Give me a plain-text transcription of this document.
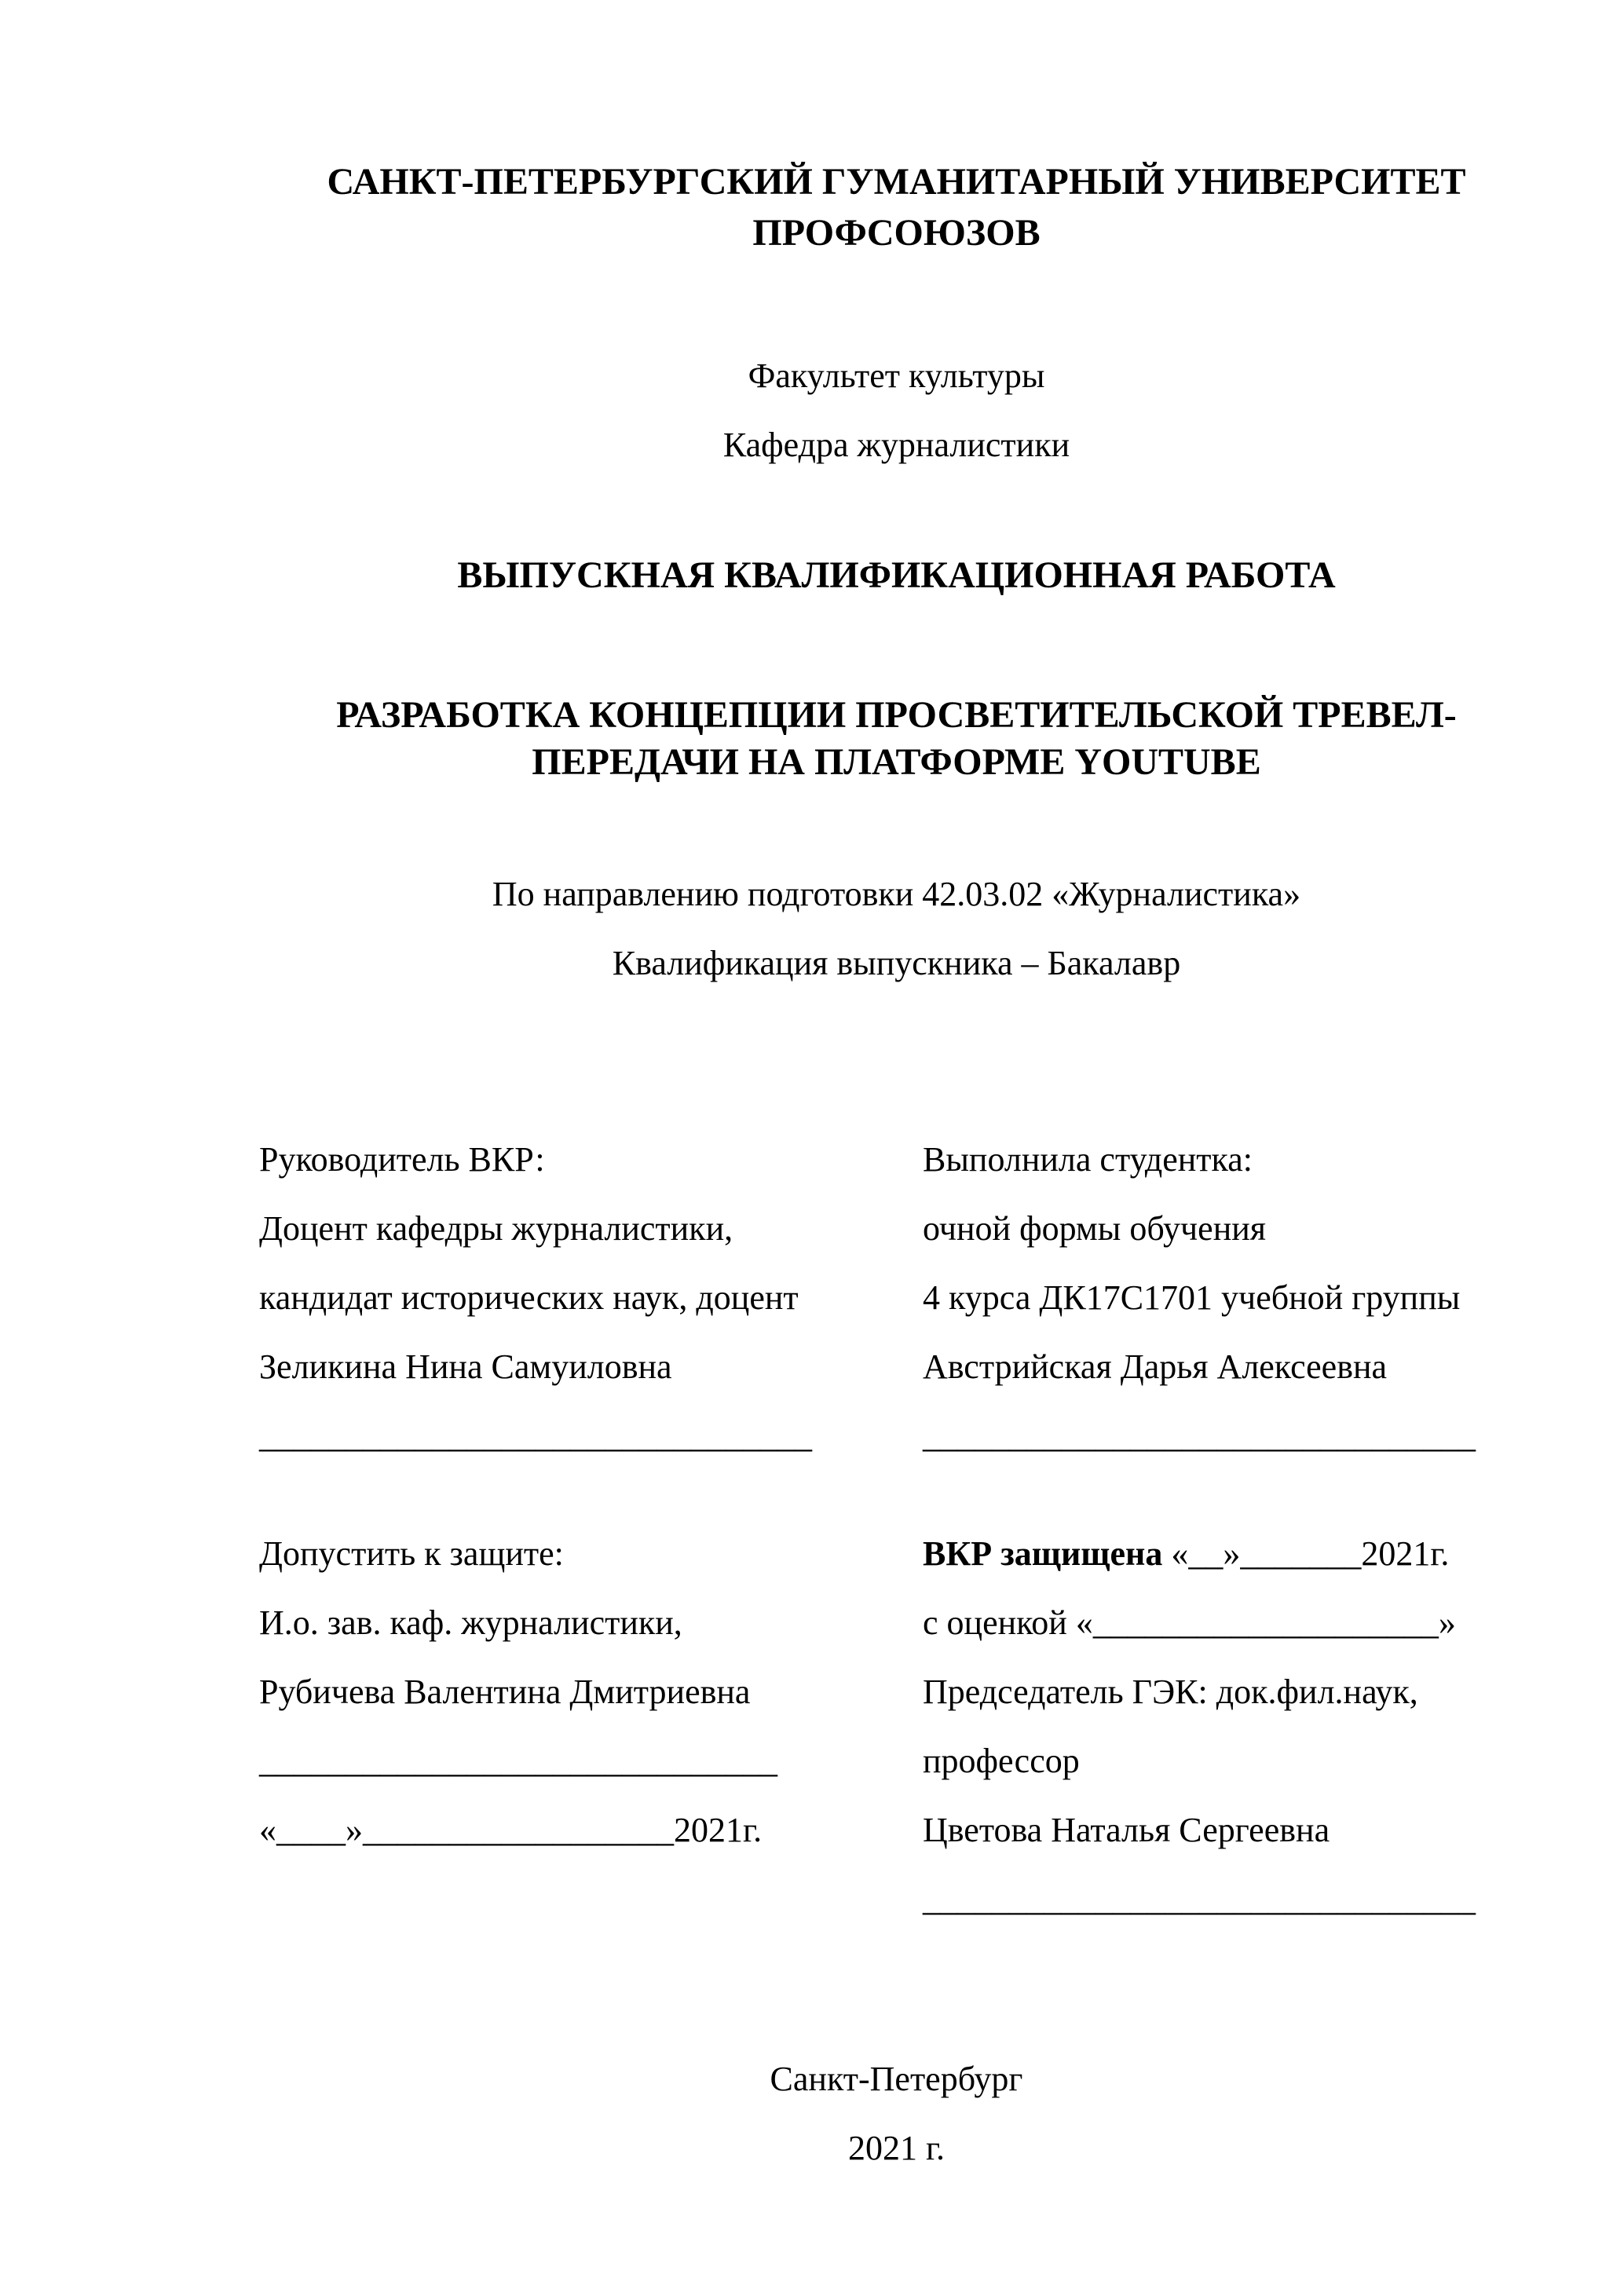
САНКТ-ПЕТЕРБУРГСКИЙ ГУМАНИТАРНЫЙ УНИВЕРСИТЕТ ПРОФСОЮЗОВ
Факультет культуры
Кафедра журналистики
ВЫПУСКНАЯ КВАЛИФИКАЦИОННАЯ РАБОТА
РАЗРАБОТКА КОНЦЕПЦИИ ПРОСВЕТИТЕЛЬСКОЙ ТРЕВЕЛ-ПЕРЕДАЧИ НА ПЛАТФОРМЕ YOUTUBE
По направлению подготовки 42.03.02 «Журналистика»
Квалификация выпускника – Бакалавр
Руководитель ВКР:
Доцент кафедры журналистики,
кандидат исторических наук, доцент
Зеликина Нина Самуиловна
________________________________
Выполнила студентка:
очной формы обучения
4 курса ДК17С1701 учебной группы
Австрийская Дарья Алексеевна
________________________________
Допустить к защите:
И.о. зав. каф. журналистики,
Рубичева Валентина Дмитриевна
______________________________
«____»__________________2021г.
ВКР защищена «__»_______2021г.
с оценкой «____________________»
Председатель ГЭК: док.фил.наук,
профессор
Цветова Наталья Сергеевна
________________________________
Санкт-Петербург
2021 г.
